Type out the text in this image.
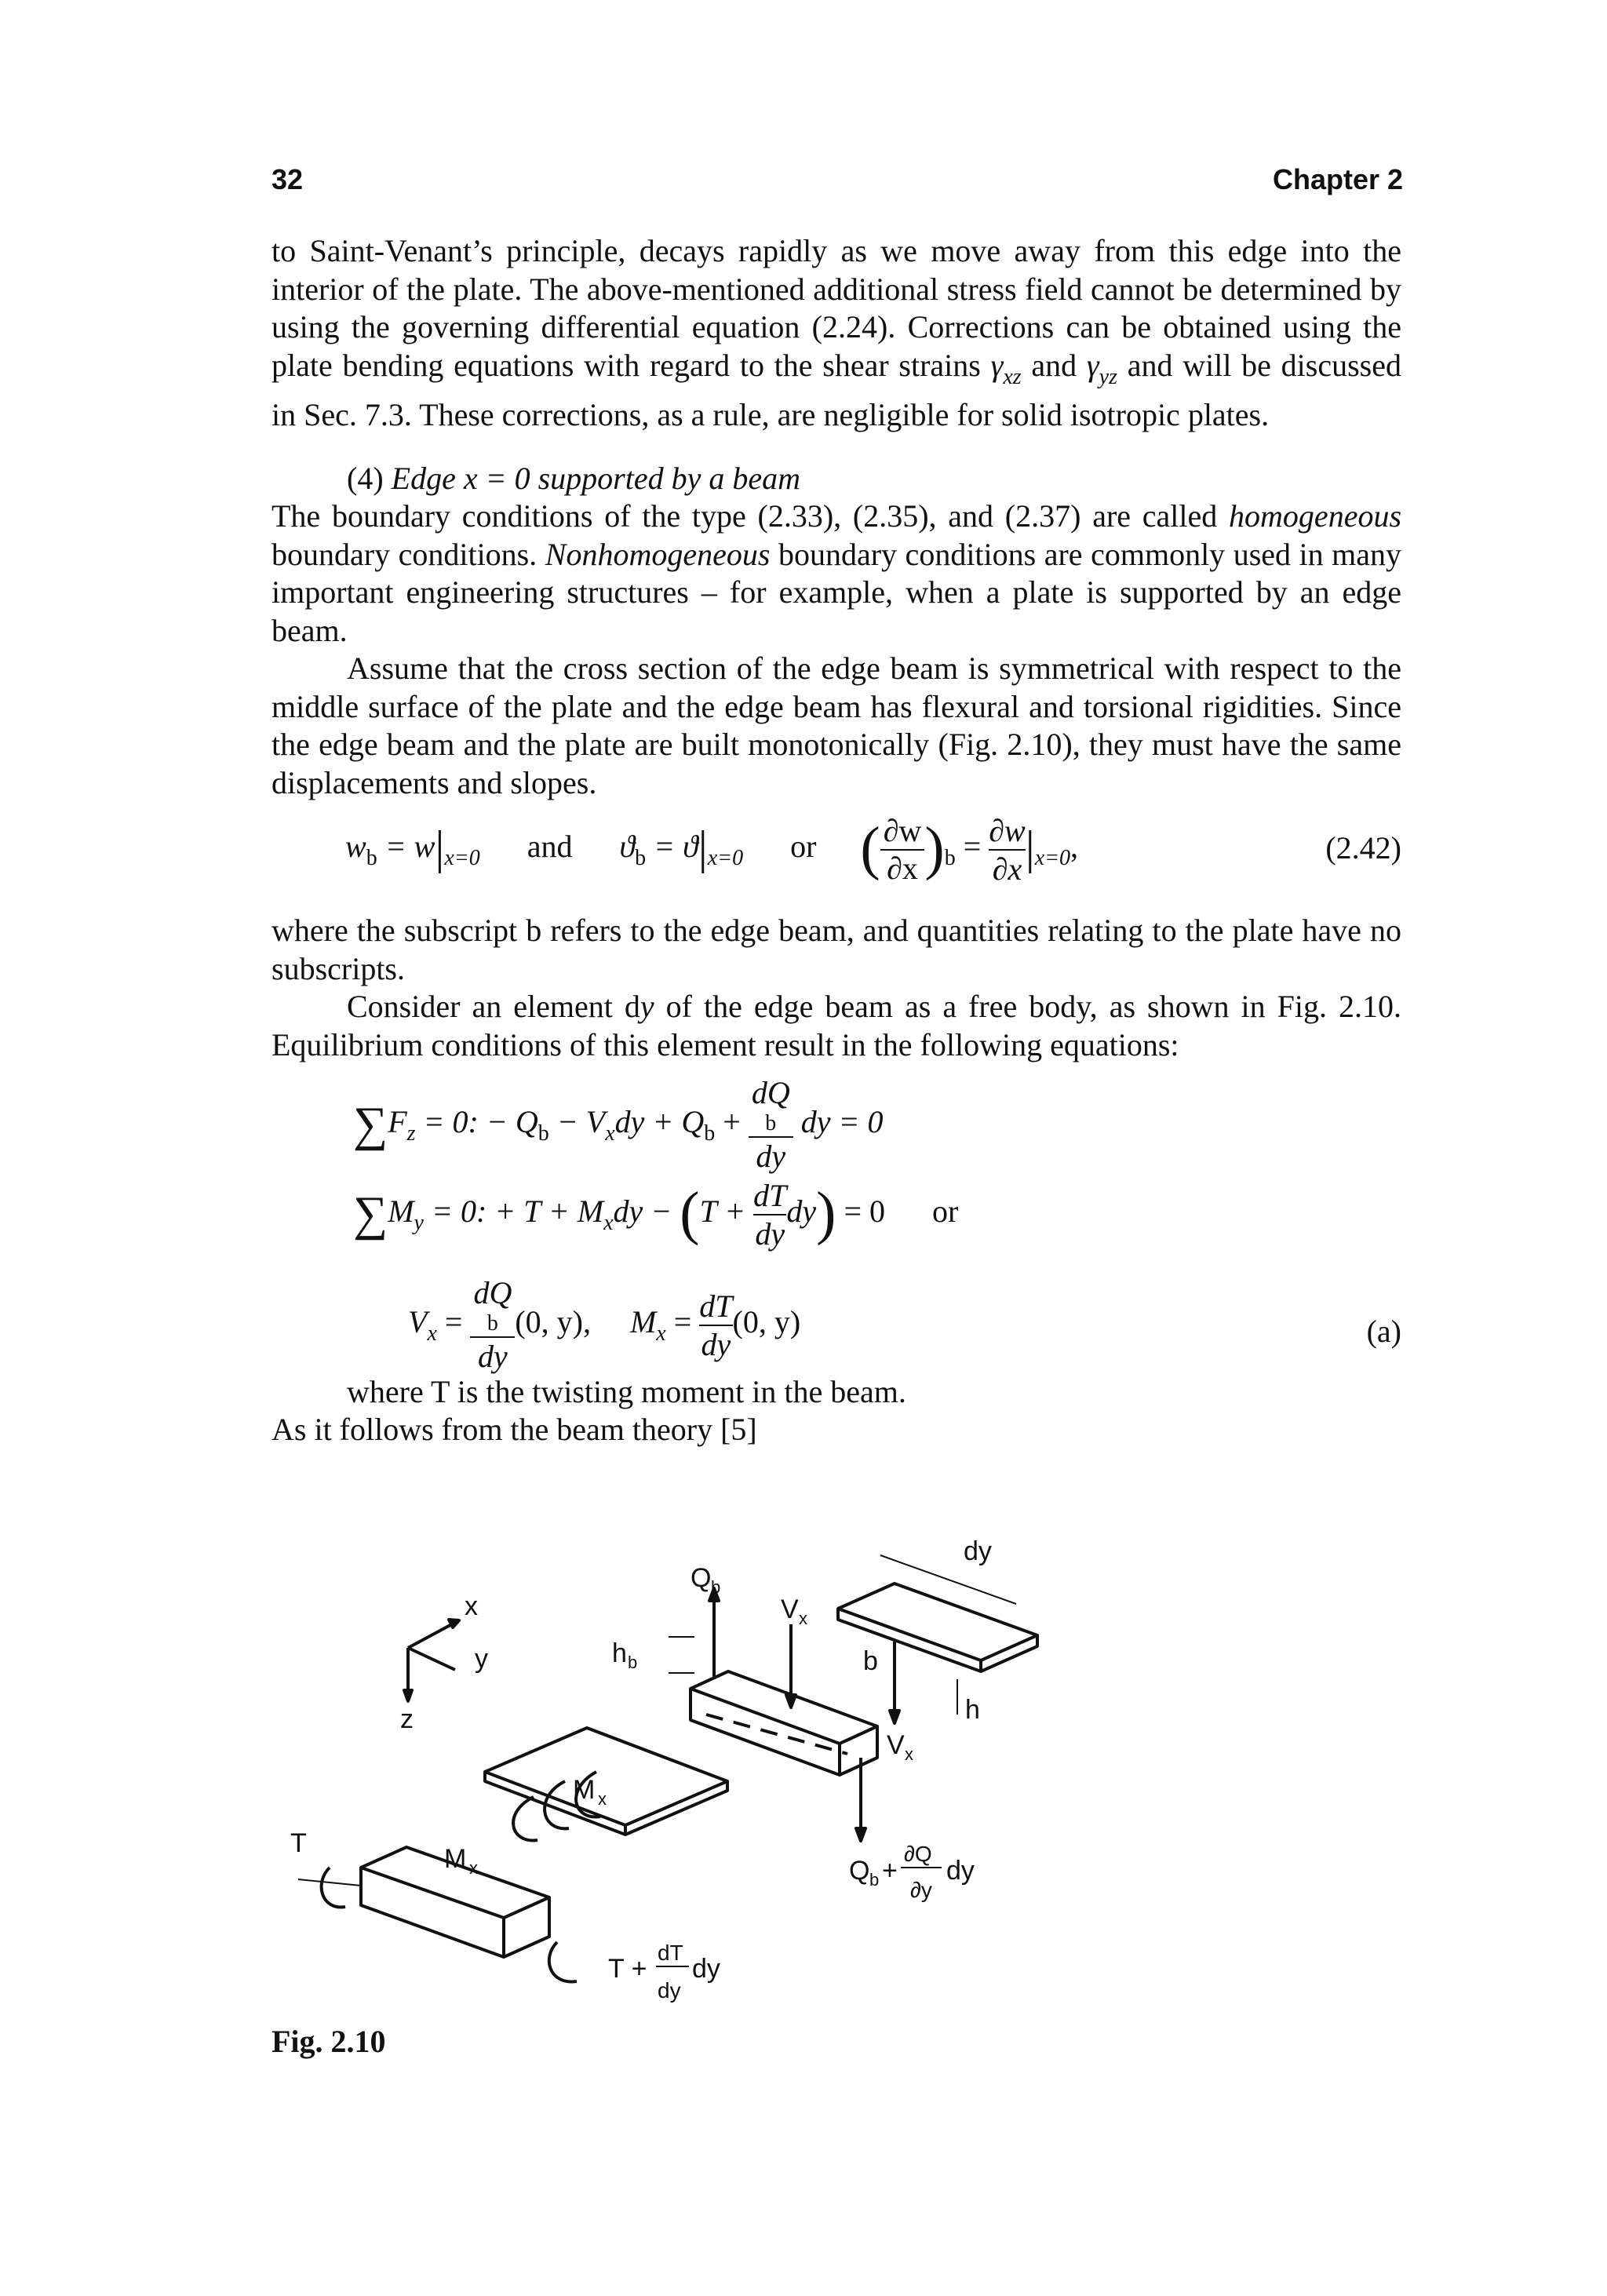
32	Chapter 2
to Saint-Venant’s principle, decays rapidly as we move away from this edge into the interior of the plate. The above-mentioned additional stress field cannot be determined by using the governing differential equation (2.24). Corrections can be obtained using the plate bending equations with regard to the shear strains $\gamma_{xz}$ and $\gamma_{yz}$ and will be discussed in Sec. 7.3. These corrections, as a rule, are negligible for solid isotropic plates.
(4) Edge x = 0 supported by a beam
The boundary conditions of the type (2.33), (2.35), and (2.37) are called homogeneous boundary conditions. Nonhomogeneous boundary conditions are commonly used in many important engineering structures – for example, when a plate is supported by an edge beam.
Assume that the cross section of the edge beam is symmetrical with respect to the middle surface of the plate and the edge beam has flexural and torsional rigidities. Since the edge beam and the plate are built monotonically (Fig. 2.10), they must have the same displacements and slopes.
$w_b = w|_{x=0}$ and $ϑ_b = ϑ|_{x=0}$ or ( $\frac{\partial w}{\partial x} )_b = \frac{\partial w}{\partial x} |_{x=0}$,	(2.42)
where the subscript b refers to the edge beam, and quantities relating to the plate have no subscripts.
Consider an element dy of the edge beam as a free body, as shown in Fig. 2.10. Equilibrium conditions of this element result in the following equations:
$\sum F_z = 0$: − $Q_b - V_xdy + Q_b$ + dQ
b
dy dy = 0
$\sum M_y = 0$: + $T + M_xdy - (T + \frac{dT}{dy} dy) = 0$ or
$V_x$ = dQ
b
dy(0, y), $M_x = \frac{dT}{dy} (0$, y)	(a)
where T is the twisting moment in the beam.
As it follows from the beam theory [5]
x
y
z
T
M x
M x
Q b
V x
h b	b
V x
h
dy
Q b +
∂Q
∂y
dy
T +
dT
dy
dy
Fig. 2.10
